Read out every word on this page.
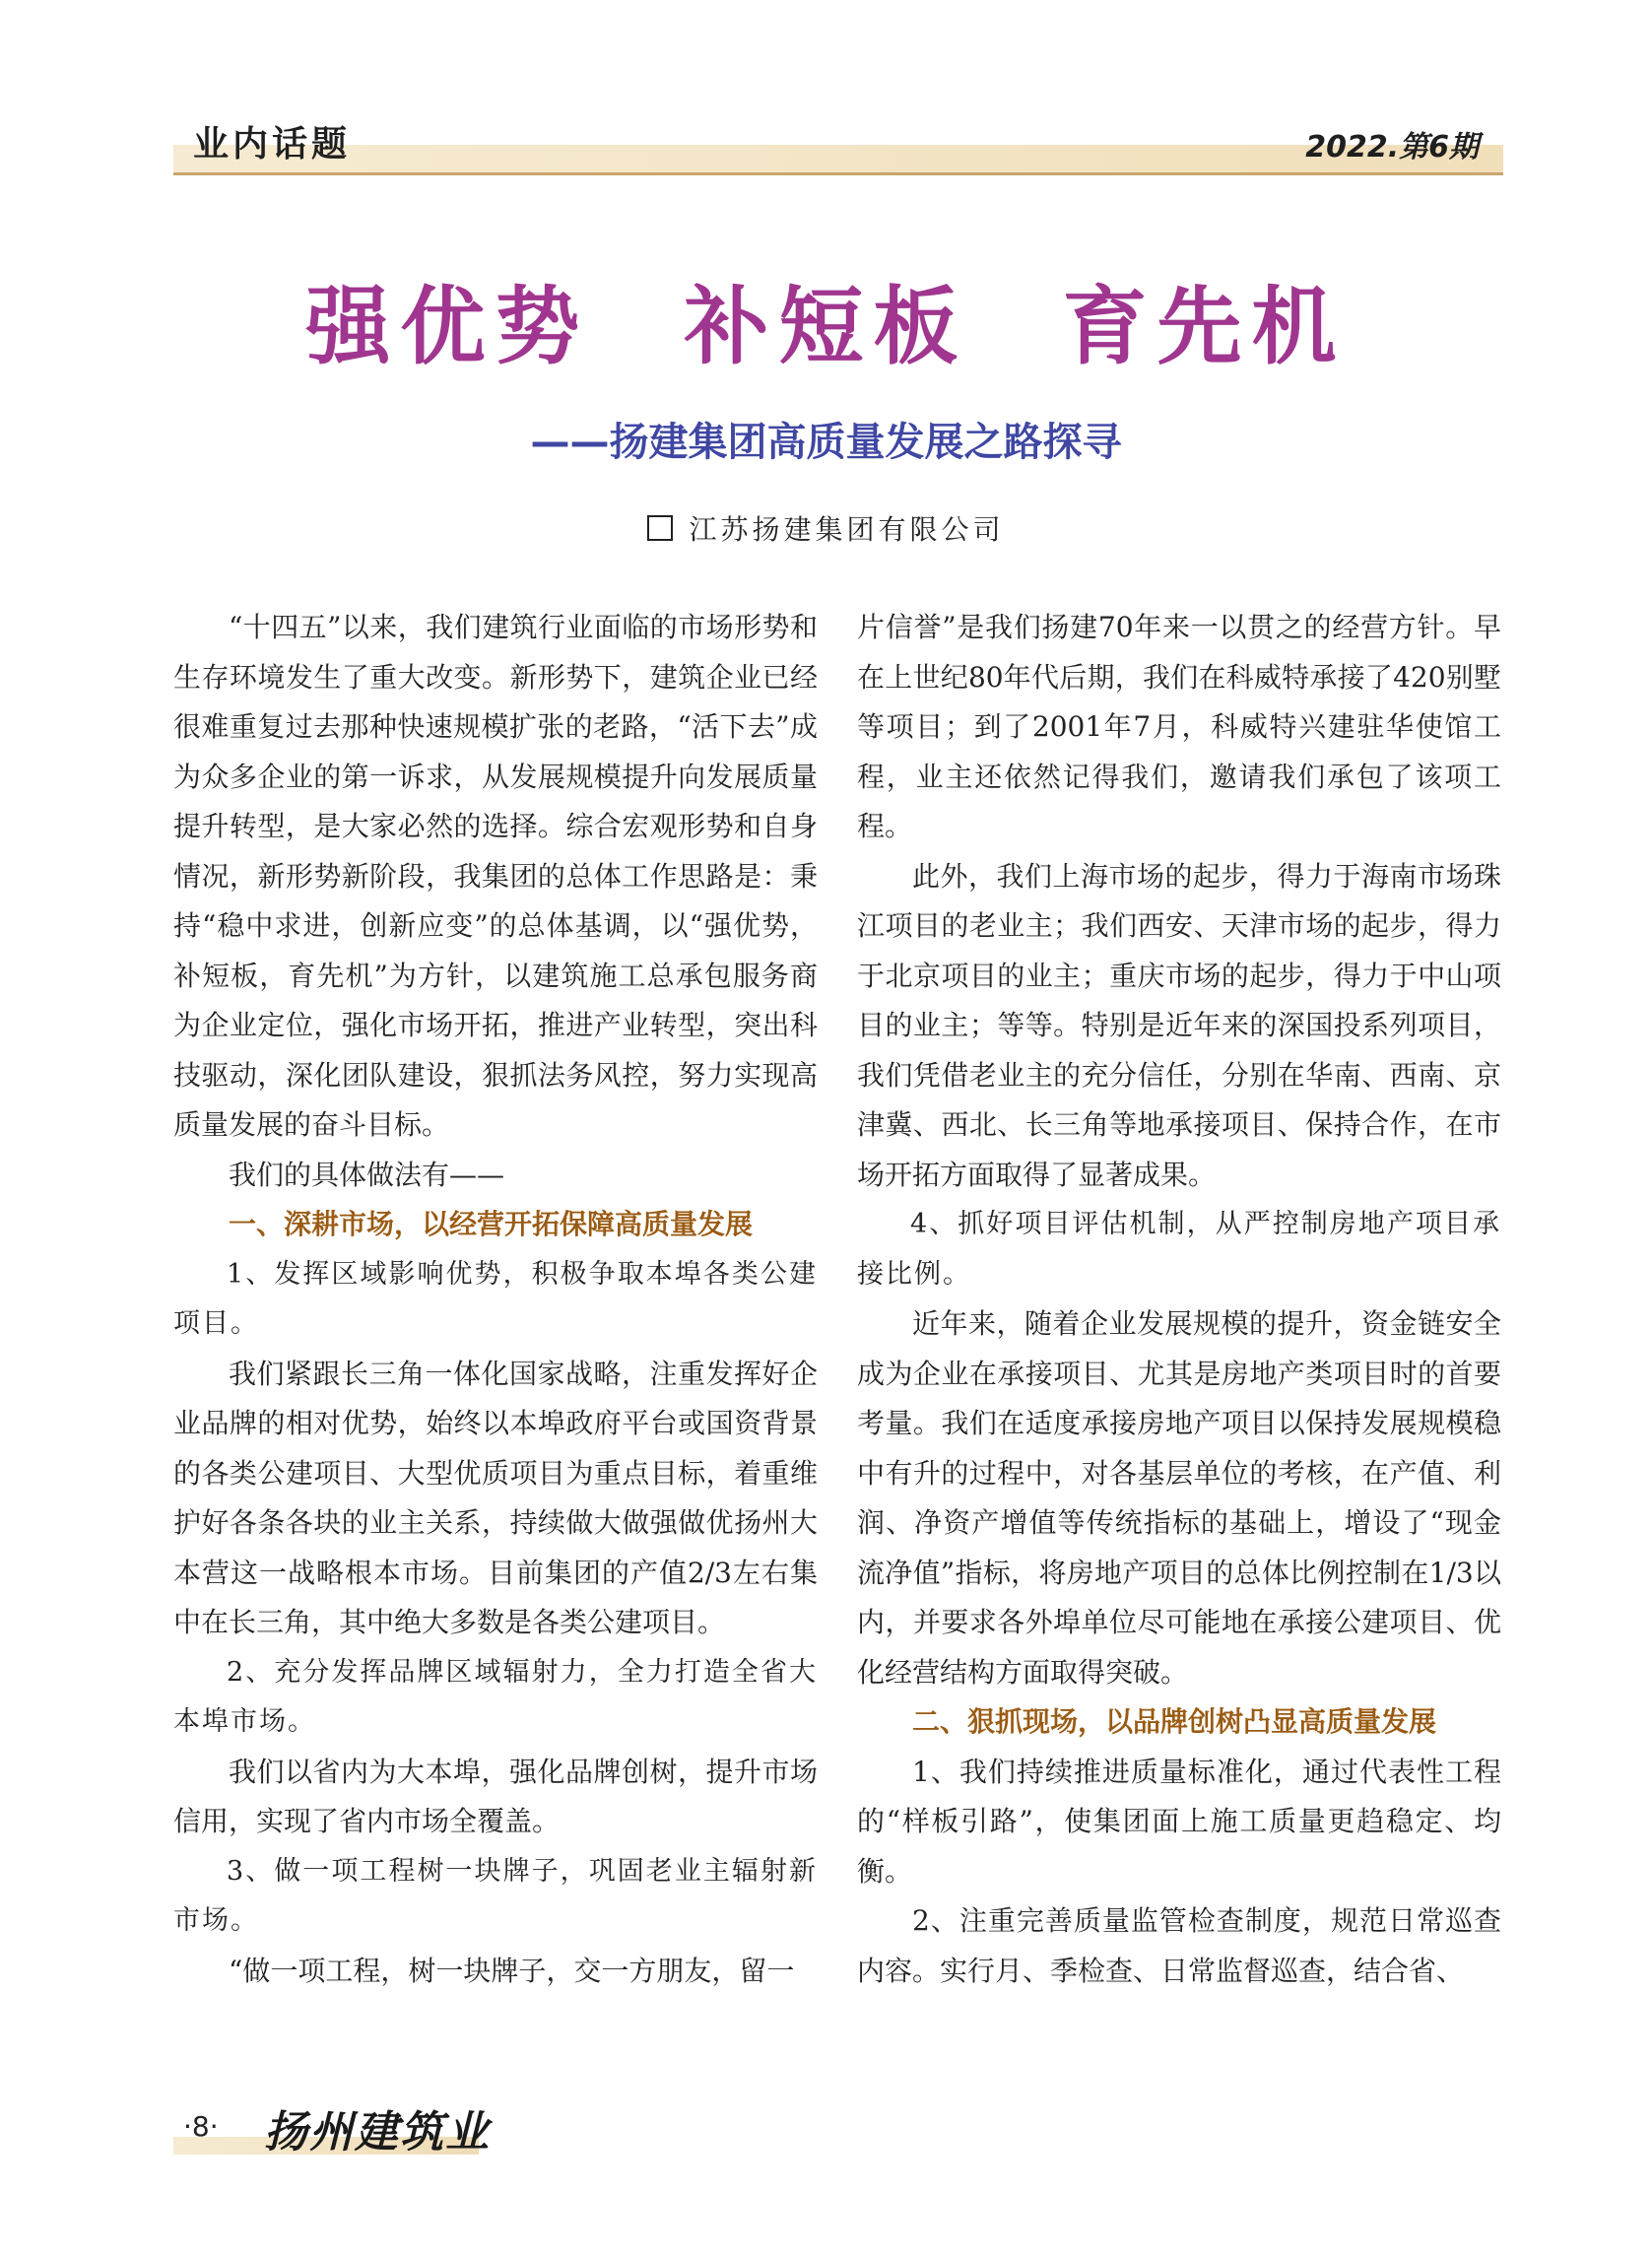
业内话题	2022.第6期
强优势　补短板　育先机
——扬建集团高质量发展之路探寻
江苏扬建集团有限公司

“十四五”以来，我们建筑行业面临的市场形势和生存环境发生了重大改变。新形势下，建筑企业已经很难重复过去那种快速规模扩张的老路，“活下去”成为众多企业的第一诉求，从发展规模提升向发展质量提升转型，是大家必然的选择。综合宏观形势和自身情况，新形势新阶段，我集团的总体工作思路是：秉持“稳中求进，创新应变”的总体基调，以“强优势，补短板，育先机”为方针，以建筑施工总承包服务商为企业定位，强化市场开拓，推进产业转型，突出科技驱动，深化团队建设，狠抓法务风控，努力实现高质量发展的奋斗目标。

我们的具体做法有——

一、深耕市场，以经营开拓保障高质量发展

1、发挥区域影响优势，积极争取本埠各类公建项目。

我们紧跟长三角一体化国家战略，注重发挥好企业品牌的相对优势，始终以本埠政府平台或国资背景的各类公建项目、大型优质项目为重点目标，着重维护好各条各块的业主关系，持续做大做强做优扬州大本营这一战略根本市场。目前集团的产值2/3左右集中在长三角，其中绝大多数是各类公建项目。

2、充分发挥品牌区域辐射力，全力打造全省大本埠市场。

我们以省内为大本埠，强化品牌创树，提升市场信用，实现了省内市场全覆盖。

3、做一项工程树一块牌子，巩固老业主辐射新市场。

“做一项工程，树一块牌子，交一方朋友，留一

片信誉”是我们扬建70年来一以贯之的经营方针。早在上世纪80年代后期，我们在科威特承接了420别墅等项目；到了2001年7月，科威特兴建驻华使馆工程，业主还依然记得我们，邀请我们承包了该项工程。

此外，我们上海市场的起步，得力于海南市场珠江项目的老业主；我们西安、天津市场的起步，得力于北京项目的业主；重庆市场的起步，得力于中山项目的业主；等等。特别是近年来的深国投系列项目，我们凭借老业主的充分信任，分别在华南、西南、京津冀、西北、长三角等地承接项目、保持合作，在市场开拓方面取得了显著成果。

4、抓好项目评估机制，从严控制房地产项目承接比例。

近年来，随着企业发展规模的提升，资金链安全成为企业在承接项目、尤其是房地产类项目时的首要考量。我们在适度承接房地产项目以保持发展规模稳中有升的过程中，对各基层单位的考核，在产值、利润、净资产增值等传统指标的基础上，增设了“现金流净值”指标，将房地产项目的总体比例控制在1/3以内，并要求各外埠单位尽可能地在承接公建项目、优化经营结构方面取得突破。

二、狠抓现场，以品牌创树凸显高质量发展

1、我们持续推进质量标准化，通过代表性工程的“样板引路”，使集团面上施工质量更趋稳定、均衡。

2、注重完善质量监管检查制度，规范日常巡查内容。实行月、季检查、日常监督巡查，结合省、

·8· 扬州建筑业
